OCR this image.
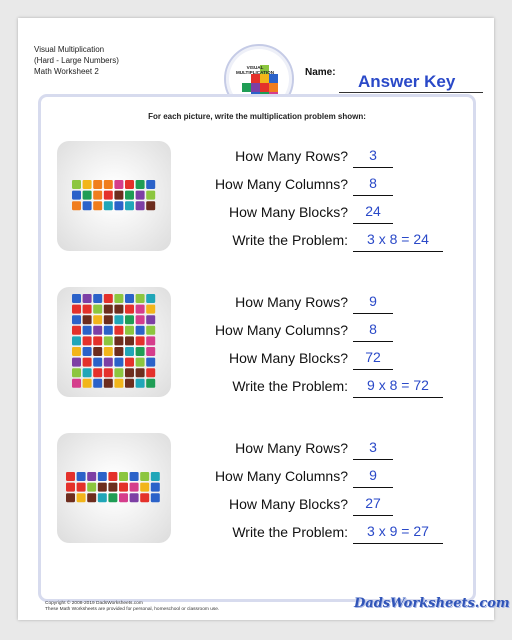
Visual Multiplication
(Hard - Large Numbers)
Math Worksheet 2	VISUAL MULTIPLICATION	Name: Answer Key
For each picture, write the multiplication problem shown:
How Many Rows?	3
How Many Columns?	8
How Many Blocks?	24
Write the Problem:	3 x 8 = 24
How Many Rows?	9
How Many Columns?	8
How Many Blocks?	72
Write the Problem:	9 x 8 = 72
How Many Rows?	3
How Many Columns?	9
How Many Blocks?	27
Write the Problem:	3 x 9 = 27
Copyright © 2008-2019 DadsWorksheets.com
These Math Worksheets are provided for personal, homeschool or classroom use.	DadsWorksheets.com
